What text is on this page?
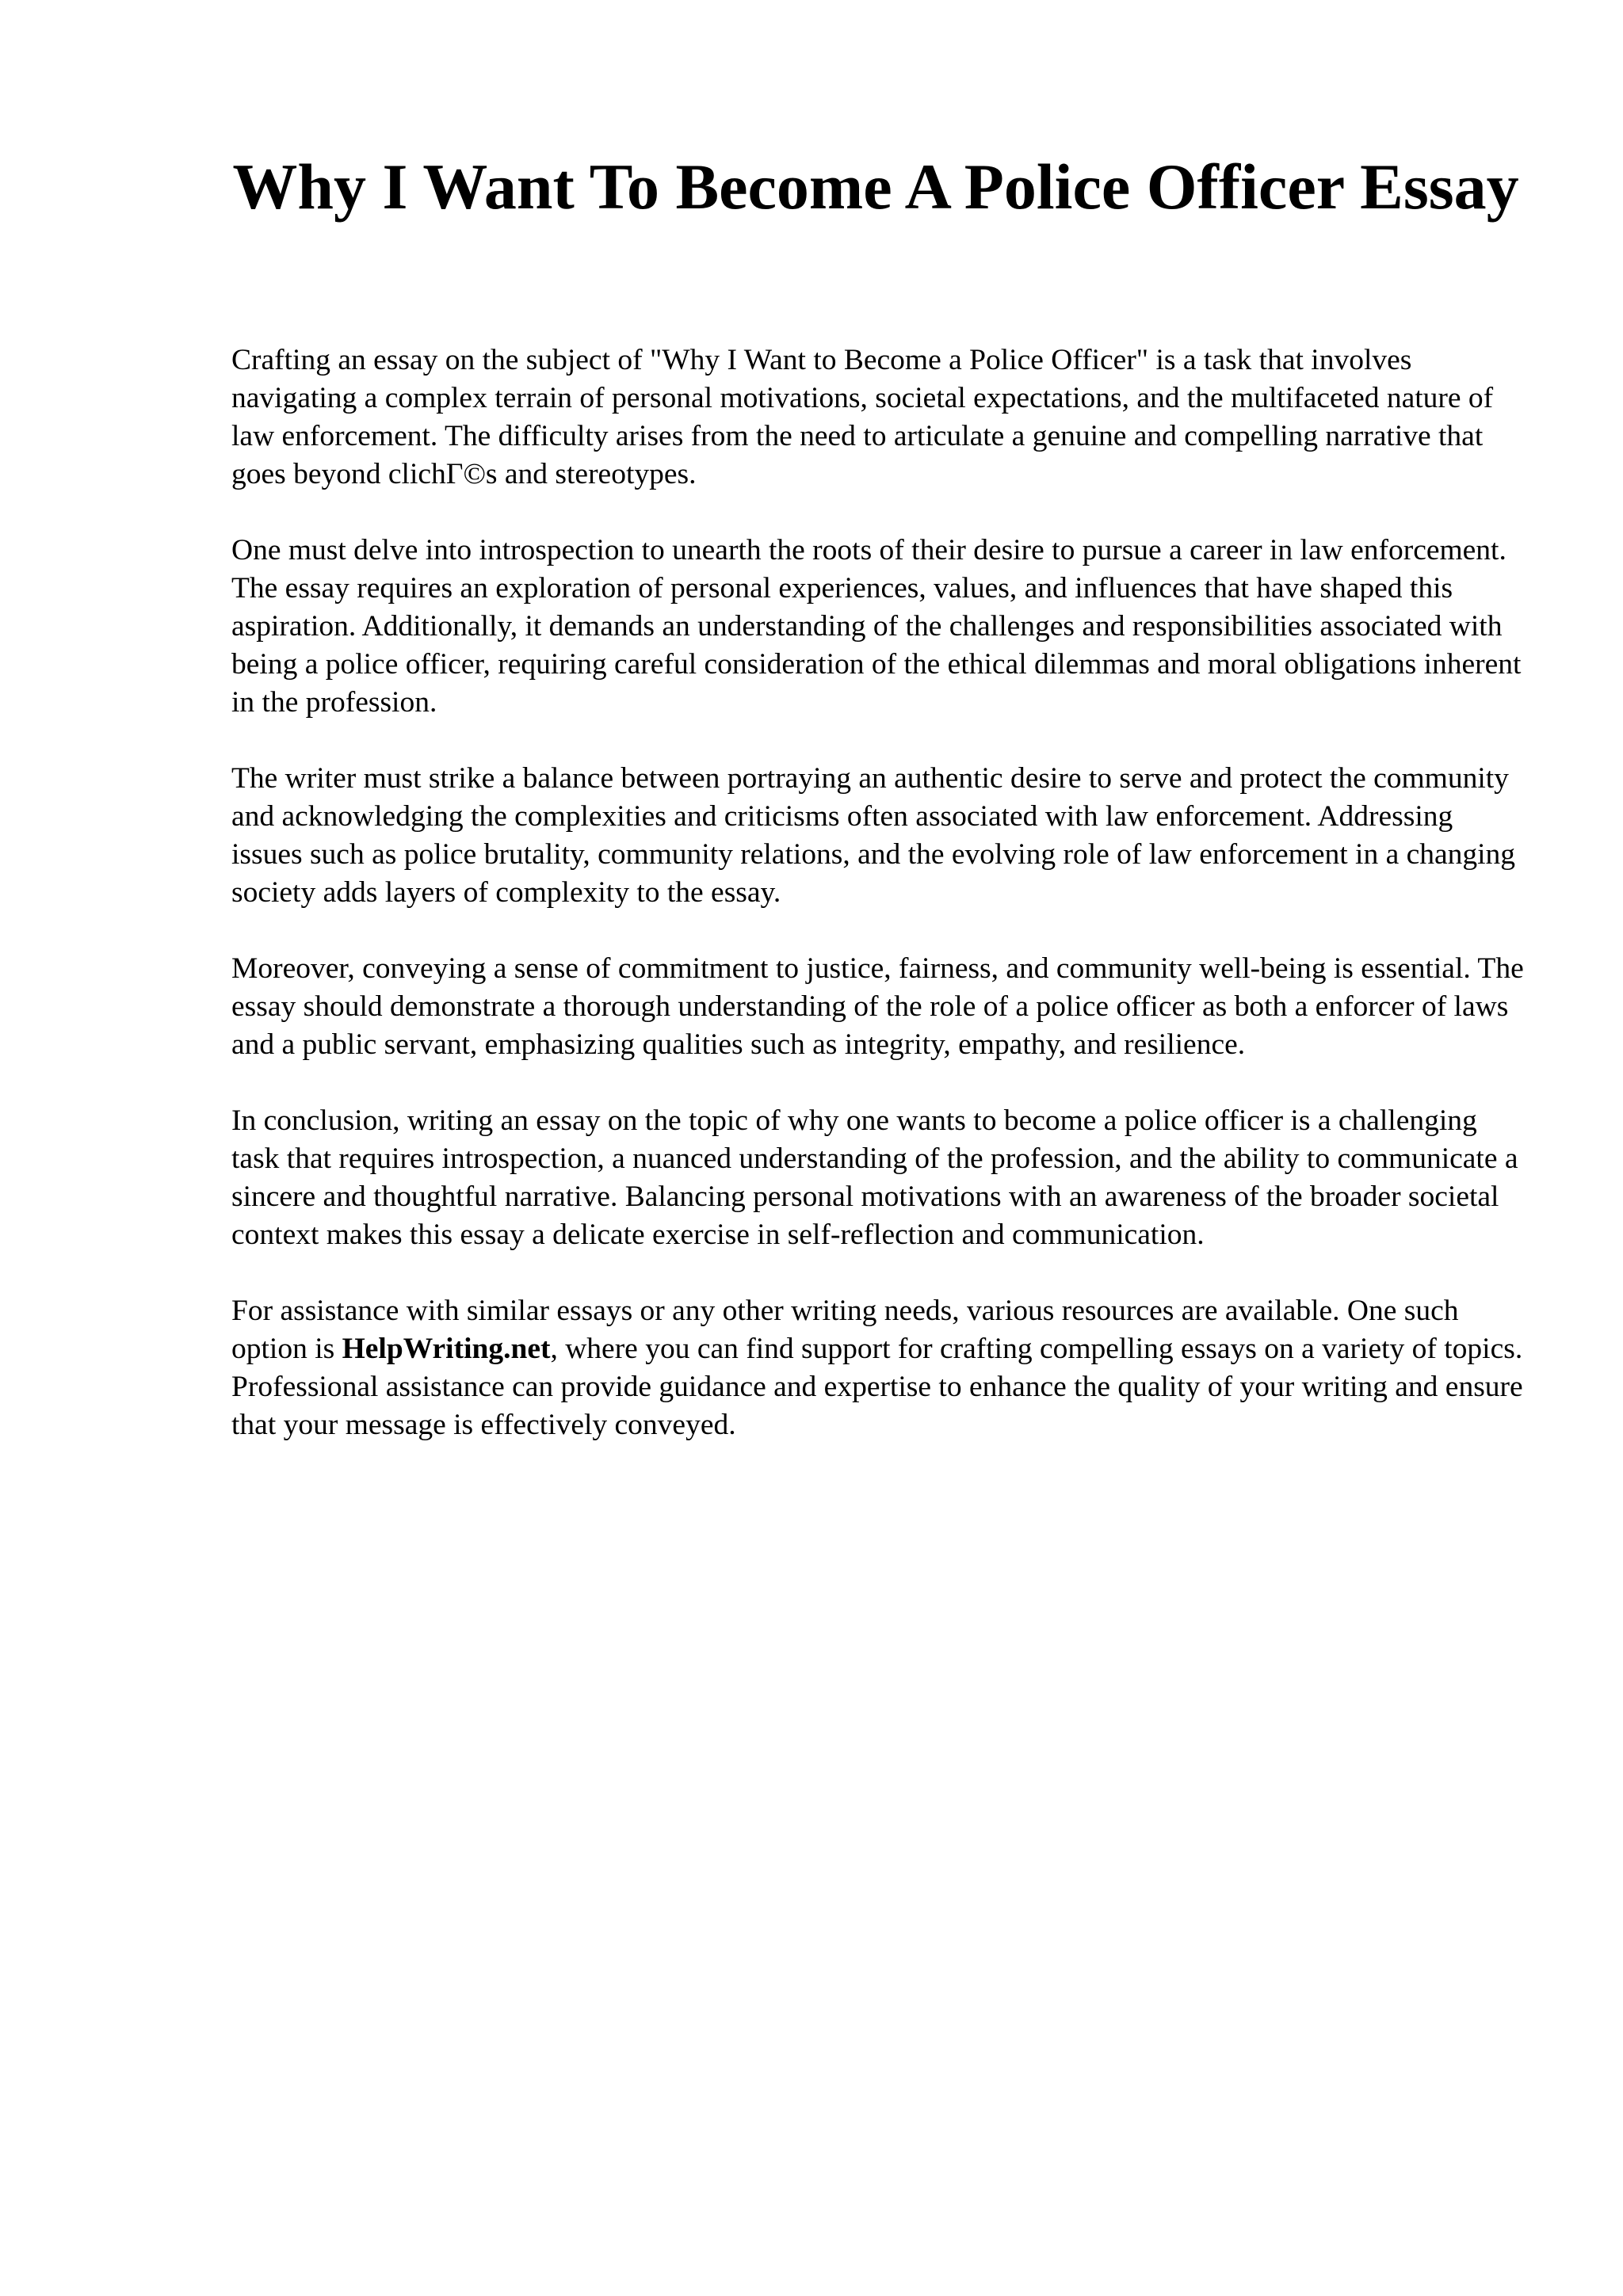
Why I Want To Become A Police Officer Essay

Crafting an essay on the subject of "Why I Want to Become a Police Officer" is a task that involves navigating a complex terrain of personal motivations, societal expectations, and the multifaceted nature of law enforcement. The difficulty arises from the need to articulate a genuine and compelling narrative that goes beyond clichГ©s and stereotypes.

One must delve into introspection to unearth the roots of their desire to pursue a career in law enforcement. The essay requires an exploration of personal experiences, values, and influences that have shaped this aspiration. Additionally, it demands an understanding of the challenges and responsibilities associated with being a police officer, requiring careful consideration of the ethical dilemmas and moral obligations inherent in the profession.

The writer must strike a balance between portraying an authentic desire to serve and protect the community and acknowledging the complexities and criticisms often associated with law enforcement. Addressing issues such as police brutality, community relations, and the evolving role of law enforcement in a changing society adds layers of complexity to the essay.

Moreover, conveying a sense of commitment to justice, fairness, and community well-being is essential. The essay should demonstrate a thorough understanding of the role of a police officer as both a enforcer of laws and a public servant, emphasizing qualities such as integrity, empathy, and resilience.

In conclusion, writing an essay on the topic of why one wants to become a police officer is a challenging task that requires introspection, a nuanced understanding of the profession, and the ability to communicate a sincere and thoughtful narrative. Balancing personal motivations with an awareness of the broader societal context makes this essay a delicate exercise in self-reflection and communication.

For assistance with similar essays or any other writing needs, various resources are available. One such option is HelpWriting.net, where you can find support for crafting compelling essays on a variety of topics. Professional assistance can provide guidance and expertise to enhance the quality of your writing and ensure that your message is effectively conveyed.
